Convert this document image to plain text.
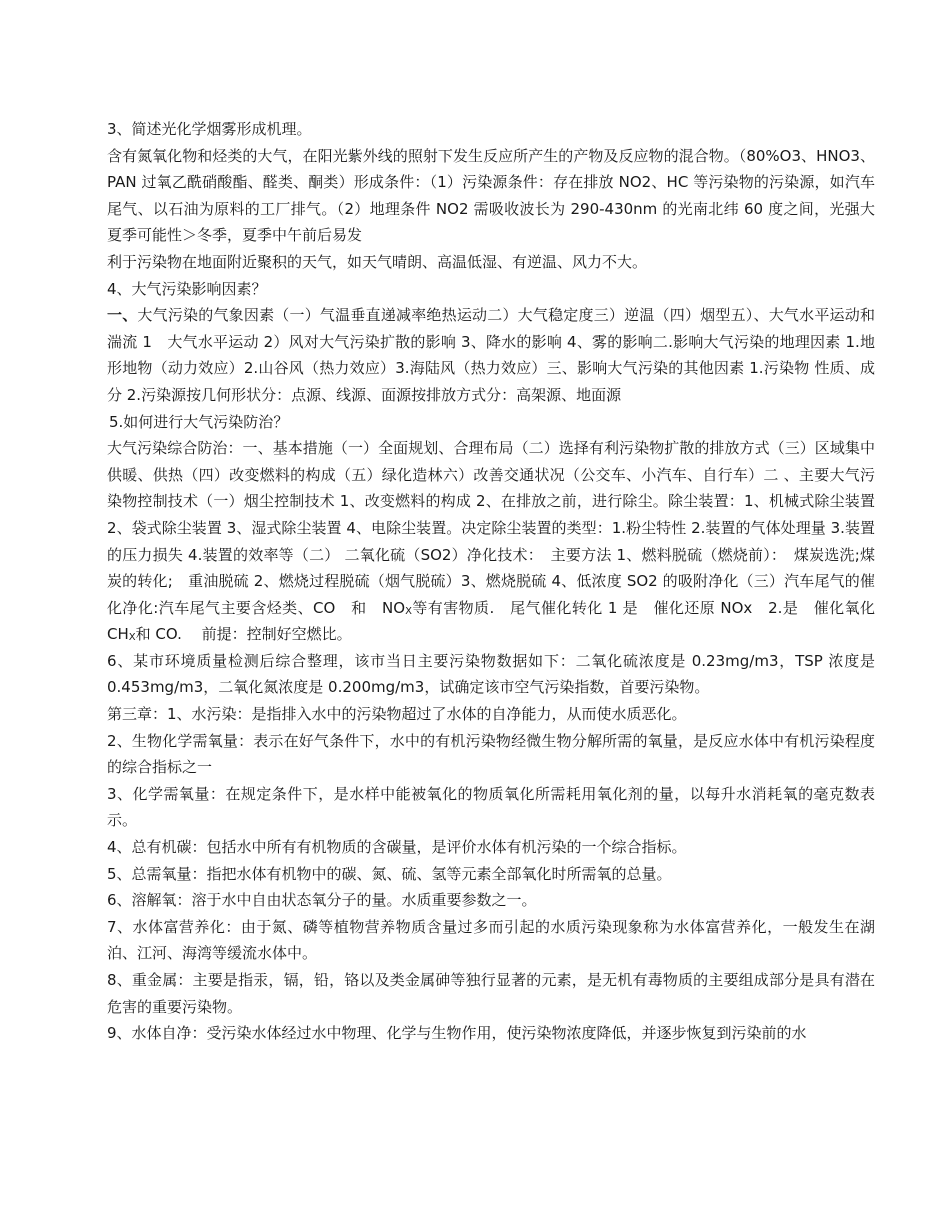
3、简述光化学烟雾形成机理。

含有氮氧化物和烃类的大气，在阳光紫外线的照射下发生反应所产生的产物及反应物的混合物。（80%O3、HNO3、PAN 过氧乙酰硝酸酯、醛类、酮类）形成条件：（1）污染源条件：存在排放 NO2、HC 等污染物的污染源，如汽车尾气、以石油为原料的工厂排气。（2）地理条件 NO2 需吸收波长为 290-430nm 的光南北纬 60 度之间，光强大夏季可能性＞冬季，夏季中午前后易发

利于污染物在地面附近聚积的天气，如天气晴朗、高温低湿、有逆温、风力不大。

4、大气污染影响因素？

一、大气污染的气象因素（一）气温垂直递减率绝热运动二）大气稳定度三）逆温（四）烟型五）、大气水平运动和湍流 1　大气水平运动 2）风对大气污染扩散的影响 3、降水的影响 4、雾的影响二.影响大气污染的地理因素 1.地形地物（动力效应）2.山谷风（热力效应）3.海陆风（热力效应）三、影响大气污染的其他因素 1.污染物 性质、成分 2.污染源按几何形状分：点源、线源、面源按排放方式分：高架源、地面源

5.如何进行大气污染防治？

大气污染综合防治：一、基本措施（一）全面规划、合理布局（二）选择有利污染物扩散的排放方式（三）区域集中供暖、供热（四）改变燃料的构成（五）绿化造林六）改善交通状况（公交车、小汽车、自行车）二 、主要大气污染物控制技术（一）烟尘控制技术 1、改变燃料的构成 2、在排放之前，进行除尘。除尘装置：1、机械式除尘装置 2、袋式除尘装置 3、湿式除尘装置 4、电除尘装置。决定除尘装置的类型：1.粉尘特性 2.装置的气体处理量 3.装置的压力损失 4.装置的效率等（二） 二氧化硫（SO2）净化技术：　主要方法 1、燃料脱硫（燃烧前）：　煤炭选洗;煤炭的转化;　重油脱硫 2、燃烧过程脱硫（烟气脱硫）3、燃烧脱硫 4、低浓度 SO2 的吸附净化（三）汽车尾气的催化净化:汽车尾气主要含烃类、CO　和　$NO_X$等有害物质.　尾气催化转化 1 是　催化还原 NOx　2.是　催化氧化 $CH_X$和 CO.　 前提：控制好空燃比。

6、某市环境质量检测后综合整理，该市当日主要污染物数据如下：二氧化硫浓度是 0.23mg/m3，TSP 浓度是 0.453mg/m3，二氧化氮浓度是 0.200mg/m3，试确定该市空气污染指数，首要污染物。

第三章：1、水污染：是指排入水中的污染物超过了水体的自净能力，从而使水质恶化。

2、生物化学需氧量：表示在好气条件下，水中的有机污染物经微生物分解所需的氧量，是反应水体中有机污染程度的综合指标之一

3、化学需氧量：在规定条件下，是水样中能被氧化的物质氧化所需耗用氧化剂的量，以每升水消耗氧的毫克数表示。

4、总有机碳：包括水中所有有机物质的含碳量，是评价水体有机污染的一个综合指标。

5、总需氧量：指把水体有机物中的碳、氮、硫、氢等元素全部氧化时所需氧的总量。

6、溶解氧：溶于水中自由状态氧分子的量。水质重要参数之一。

7、水体富营养化：由于氮、磷等植物营养物质含量过多而引起的水质污染现象称为水体富营养化，一般发生在湖泊、江河、海湾等缓流水体中。

8、重金属：主要是指汞，镉，铅，铬以及类金属砷等独行显著的元素，是无机有毒物质的主要组成部分是具有潜在危害的重要污染物。

9、水体自净：受污染水体经过水中物理、化学与生物作用，使污染物浓度降低，并逐步恢复到污染前的水
